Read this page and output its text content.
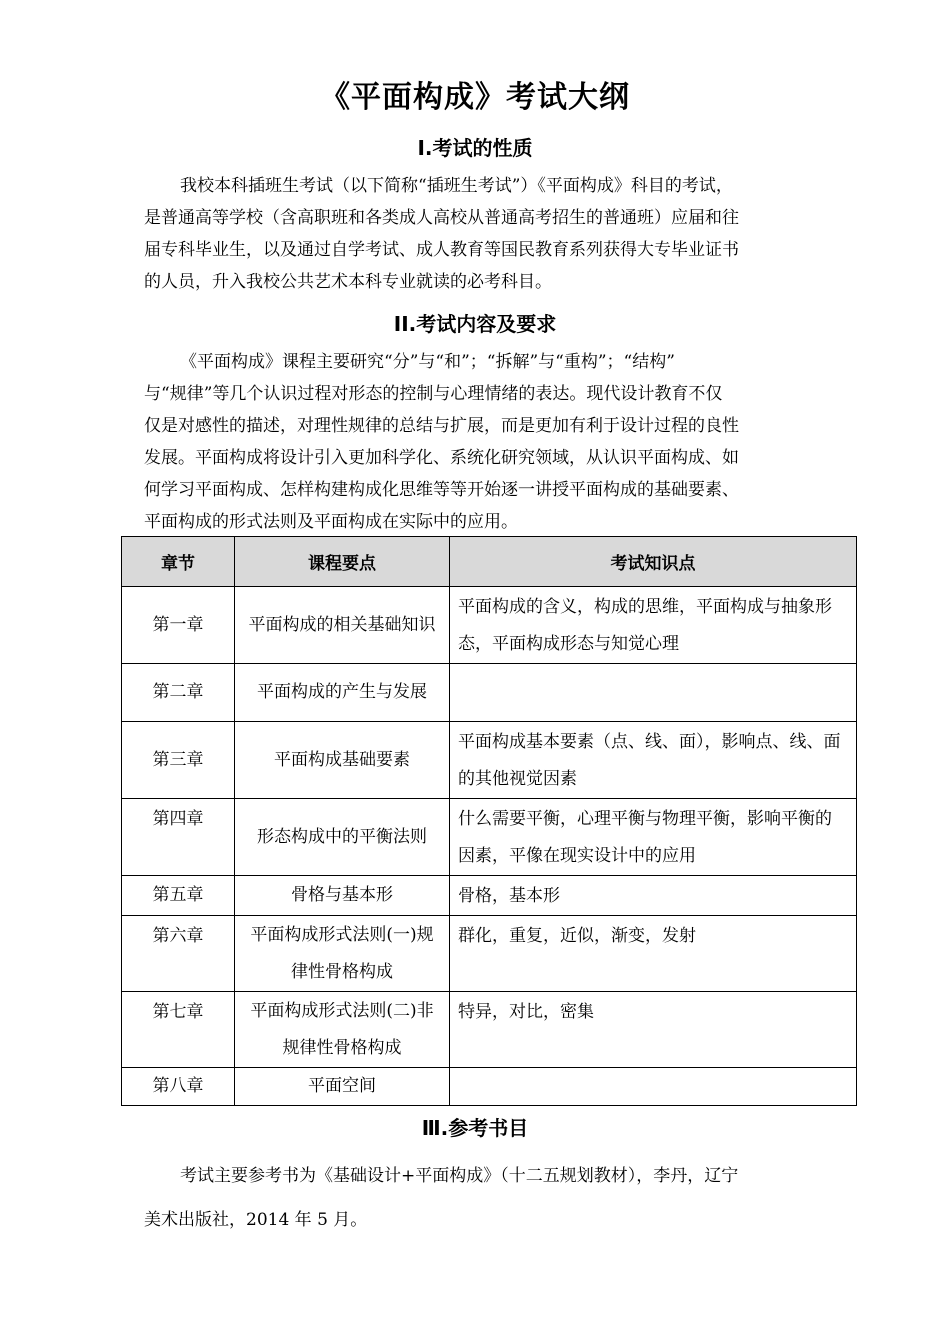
《平面构成》考试大纲
I.考试的性质
我校本科插班生考试（以下简称“插班生考试”）《平面构成》科目的考试，
是普通高等学校（含高职班和各类成人高校从普通高考招生的普通班）应届和往
届专科毕业生，以及通过自学考试、成人教育等国民教育系列获得大专毕业证书
的人员，升入我校公共艺术本科专业就读的必考科目。
II.考试内容及要求
《平面构成》课程主要研究“分”与“和”；“拆解”与“重构”；“结构”
与“规律”等几个认识过程对形态的控制与心理情绪的表达。现代设计教育不仅
仅是对感性的描述，对理性规律的总结与扩展，而是更加有利于设计过程的良性
发展。平面构成将设计引入更加科学化、系统化研究领域，从认识平面构成、如
何学习平面构成、怎样构建构成化思维等等开始逐一讲授平面构成的基础要素、
平面构成的形式法则及平面构成在实际中的应用。
章节	课程要点	考试知识点
第一章	平面构成的相关基础知识	平面构成的含义，构成的思维，平面构成与抽象形态，平面构成形态与知觉心理
第二章	平面构成的产生与发展	
第三章	平面构成基础要素	平面构成基本要素（点、线、面），影响点、线、面的其他视觉因素
第四章	形态构成中的平衡法则	什么需要平衡，心理平衡与物理平衡，影响平衡的因素，平像在现实设计中的应用
第五章	骨格与基本形	骨格，基本形
第六章	平面构成形式法则(一)规律性骨格构成	群化，重复，近似，渐变，发射
第七章	平面构成形式法则(二)非规律性骨格构成	特异，对比，密集
第八章	平面空间	
Ⅲ.参考书目
考试主要参考书为《基础设计+平面构成》（十二五规划教材），李丹，辽宁
美术出版社，2014 年 5 月。
